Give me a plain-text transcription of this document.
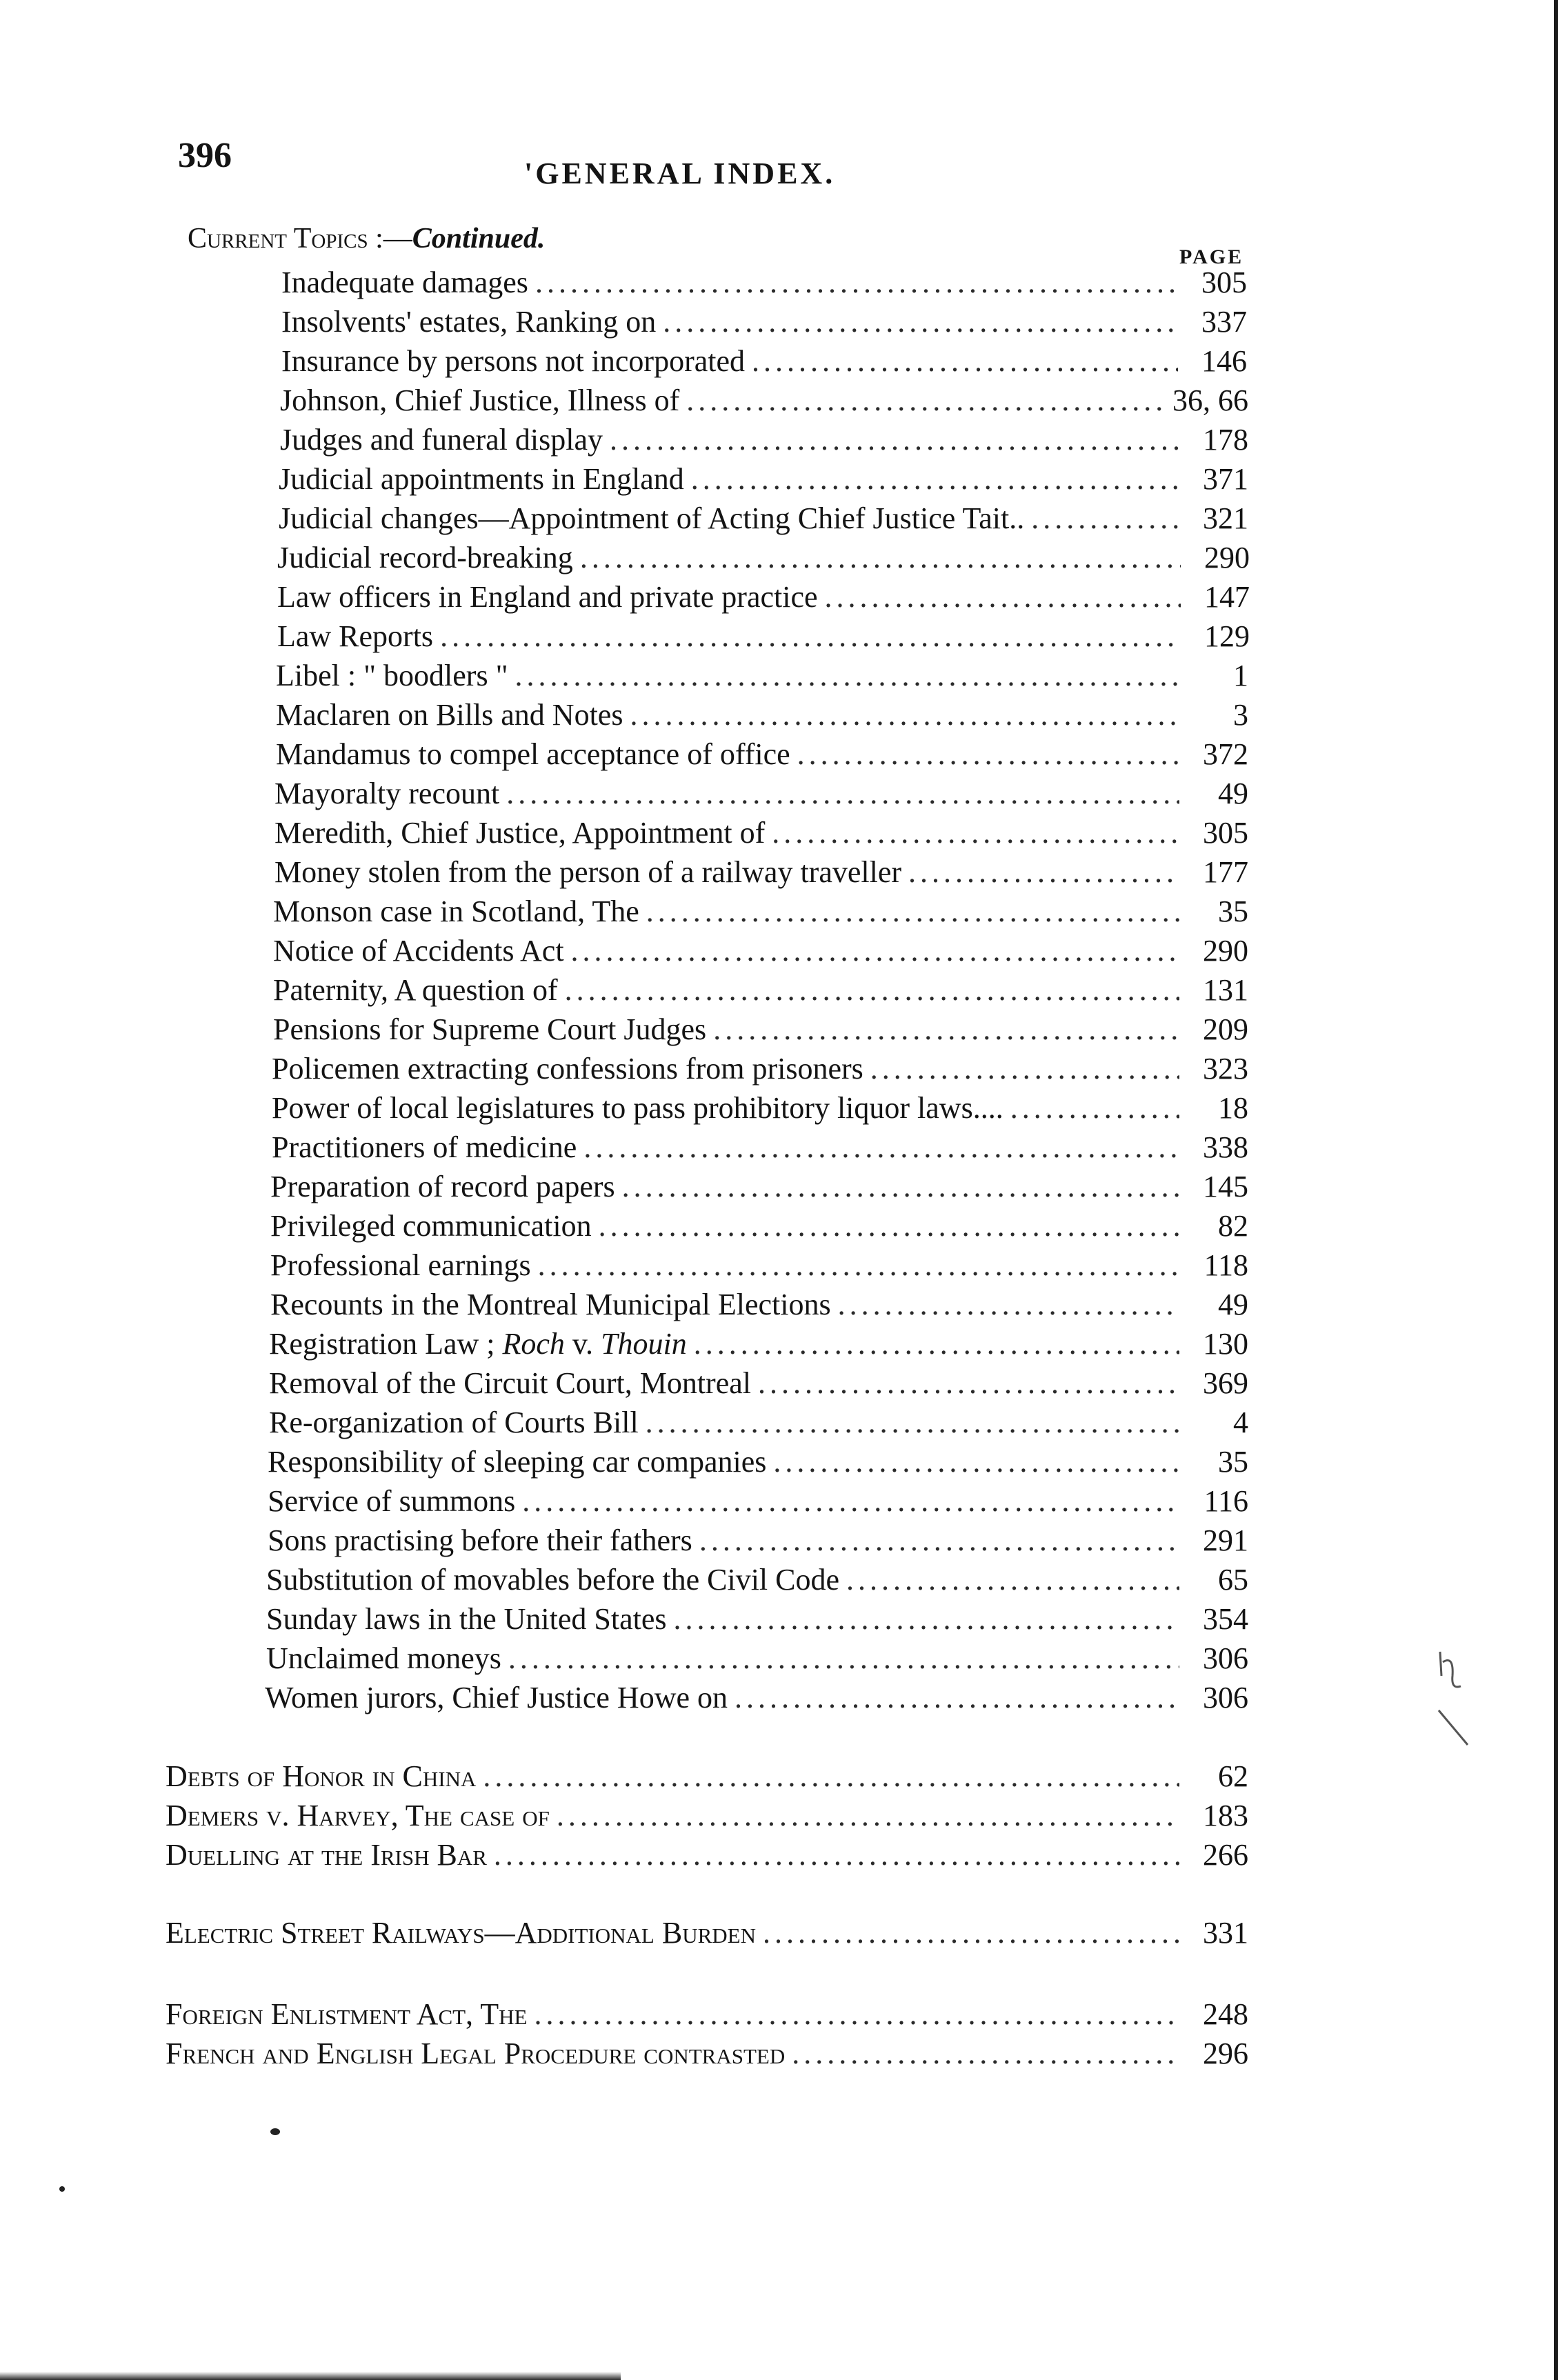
396	'GENERAL INDEX.
Current Topics :—Continued.
PAGE
Inadequate damages .....	305
Insolvents' estates, Ranking on .....	337
Insurance by persons not incorporated .....	146
Johnson, Chief Justice, Illness of .....	36, 66
Judges and funeral display .....	178
Judicial appointments in England .....	371
Judicial changes—Appointment of Acting Chief Justice Tait.. .....	321
Judicial record-breaking .....	290
Law officers in England and private practice .....	147
Law Reports .....	129
Libel : " boodlers " .....	1
Maclaren on Bills and Notes .....	3
Mandamus to compel acceptance of office .....	372
Mayoralty recount .....	49
Meredith, Chief Justice, Appointment of .....	305
Money stolen from the person of a railway traveller .....	177
Monson case in Scotland, The .....	35
Notice of Accidents Act .....	290
Paternity, A question of .....	131
Pensions for Supreme Court Judges .....	209
Policemen extracting confessions from prisoners .....	323
Power of local legislatures to pass prohibitory liquor laws.... .....	18
Practitioners of medicine .....	338
Preparation of record papers .....	145
Privileged communication .....	82
Professional earnings .....	118
Recounts in the Montreal Municipal Elections .....	49
Registration Law ; Roch v. Thouin .....	130
Removal of the Circuit Court, Montreal .....	369
Re-organization of Courts Bill .....	4
Responsibility of sleeping car companies .....	35
Service of summons .....	116
Sons practising before their fathers .....	291
Substitution of movables before the Civil Code .....	65
Sunday laws in the United States .....	354
Unclaimed moneys .....	306
Women jurors, Chief Justice Howe on .....	306
Debts of Honor in China .....	62
Demers v. Harvey, The case of .....	183
Duelling at the Irish Bar .....	266
Electric Street Railways—Additional Burden .....	331
Foreign Enlistment Act, The .....	248
French and English Legal Procedure contrasted .....	296
